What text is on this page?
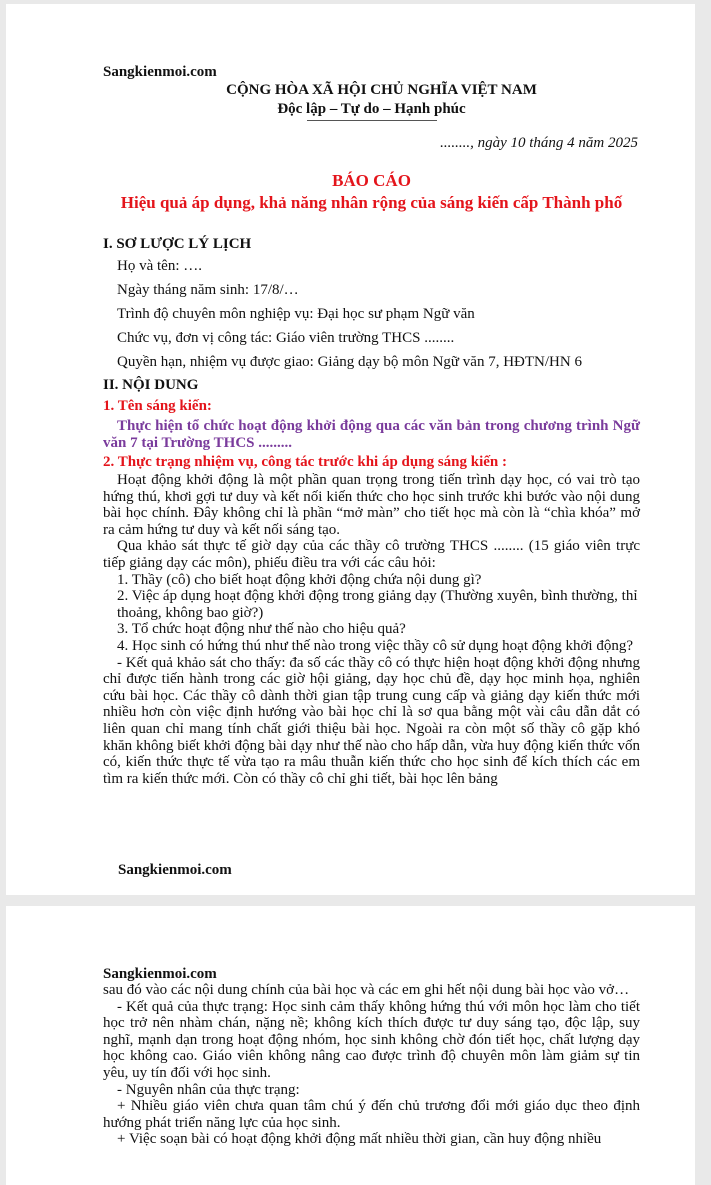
Sangkienmoi.com
CỘNG HÒA XÃ HỘI CHỦ NGHĨA VIỆT NAM
Độc lập – Tự do – Hạnh phúc
........, ngày 10 tháng 4 năm 2025
BÁO CÁO
Hiệu quả áp dụng, khả năng nhân rộng của sáng kiến cấp Thành phố
I. SƠ LƯỢC LÝ LỊCH
Họ và tên: ….
Ngày tháng năm sinh: 17/8/…
Trình độ chuyên môn nghiệp vụ: Đại học sư phạm Ngữ văn
Chức vụ, đơn vị công tác: Giáo viên trường THCS ........
Quyền hạn, nhiệm vụ được giao: Giảng dạy bộ môn Ngữ văn 7, HĐTN/HN 6
II. NỘI DUNG
1. Tên sáng kiến:
Thực hiện tổ chức hoạt động khởi động qua các văn bản trong chương trình Ngữ văn 7 tại Trường THCS .........
2. Thực trạng nhiệm vụ, công tác trước khi áp dụng sáng kiến :
Hoạt động khởi động là một phần quan trọng trong tiến trình dạy học, có vai trò tạo hứng thú, khơi gợi tư duy và kết nối kiến thức cho học sinh trước khi bước vào nội dung bài học chính. Đây không chỉ là phần “mở màn” cho tiết học mà còn là “chìa khóa” mở ra cảm hứng tư duy và kết nối sáng tạo.
Qua khảo sát thực tế giờ dạy của các thầy cô trường THCS ........ (15 giáo viên trực tiếp giảng dạy các môn), phiếu điều tra với các câu hỏi:
1. Thầy (cô) cho biết hoạt động khởi động chứa nội dung gì?
2. Việc áp dụng hoạt động khởi động trong giảng dạy (Thường xuyên, bình thường, thỉ thoảng, không bao giờ?)
3. Tổ chức hoạt động như thế nào cho hiệu quả?
4. Học sinh có hứng thú như thế nào trong việc thầy cô sử dụng hoạt động khởi động?
- Kết quả khảo sát cho thấy: đa số các thầy cô có thực hiện hoạt động khởi động nhưng chỉ được tiến hành trong các giờ hội giảng, dạy học chủ đề, dạy học minh họa, nghiên cứu bài học. Các thầy cô dành thời gian tập trung cung cấp và giảng dạy kiến thức mới nhiều hơn còn việc định hướng vào bài học chỉ là sơ qua bằng một vài câu dẫn dắt có liên quan chỉ mang tính chất giới thiệu bài học. Ngoài ra còn một số thầy cô gặp khó khăn không biết khởi động bài dạy như thế nào cho hấp dẫn, vừa huy động kiến thức vốn có, kiến thức thực tế vừa tạo ra mâu thuẫn kiến thức cho học sinh để kích thích các em tìm ra kiến thức mới. Còn có thầy cô chỉ ghi tiết, bài học lên bảng
Sangkienmoi.com
Sangkienmoi.com
sau đó vào các nội dung chính của bài học và các em ghi hết nội dung bài học vào vở…
- Kết quả của thực trạng: Học sinh cảm thấy không hứng thú với môn học làm cho tiết học trở nên nhàm chán, nặng nề; không kích thích được tư duy sáng tạo, độc lập, suy nghĩ, mạnh dạn trong hoạt động nhóm, học sinh không chờ đón tiết học, chất lượng dạy học không cao. Giáo viên không nâng cao được trình độ chuyên môn làm giảm sự tin yêu, uy tín đối với học sinh.
- Nguyên nhân của thực trạng:
+ Nhiều giáo viên chưa quan tâm chú ý đến chủ trương đổi mới giáo dục theo định hướng phát triển năng lực của học sinh.
+ Việc soạn bài có hoạt động khởi động mất nhiều thời gian, cần huy động nhiều
